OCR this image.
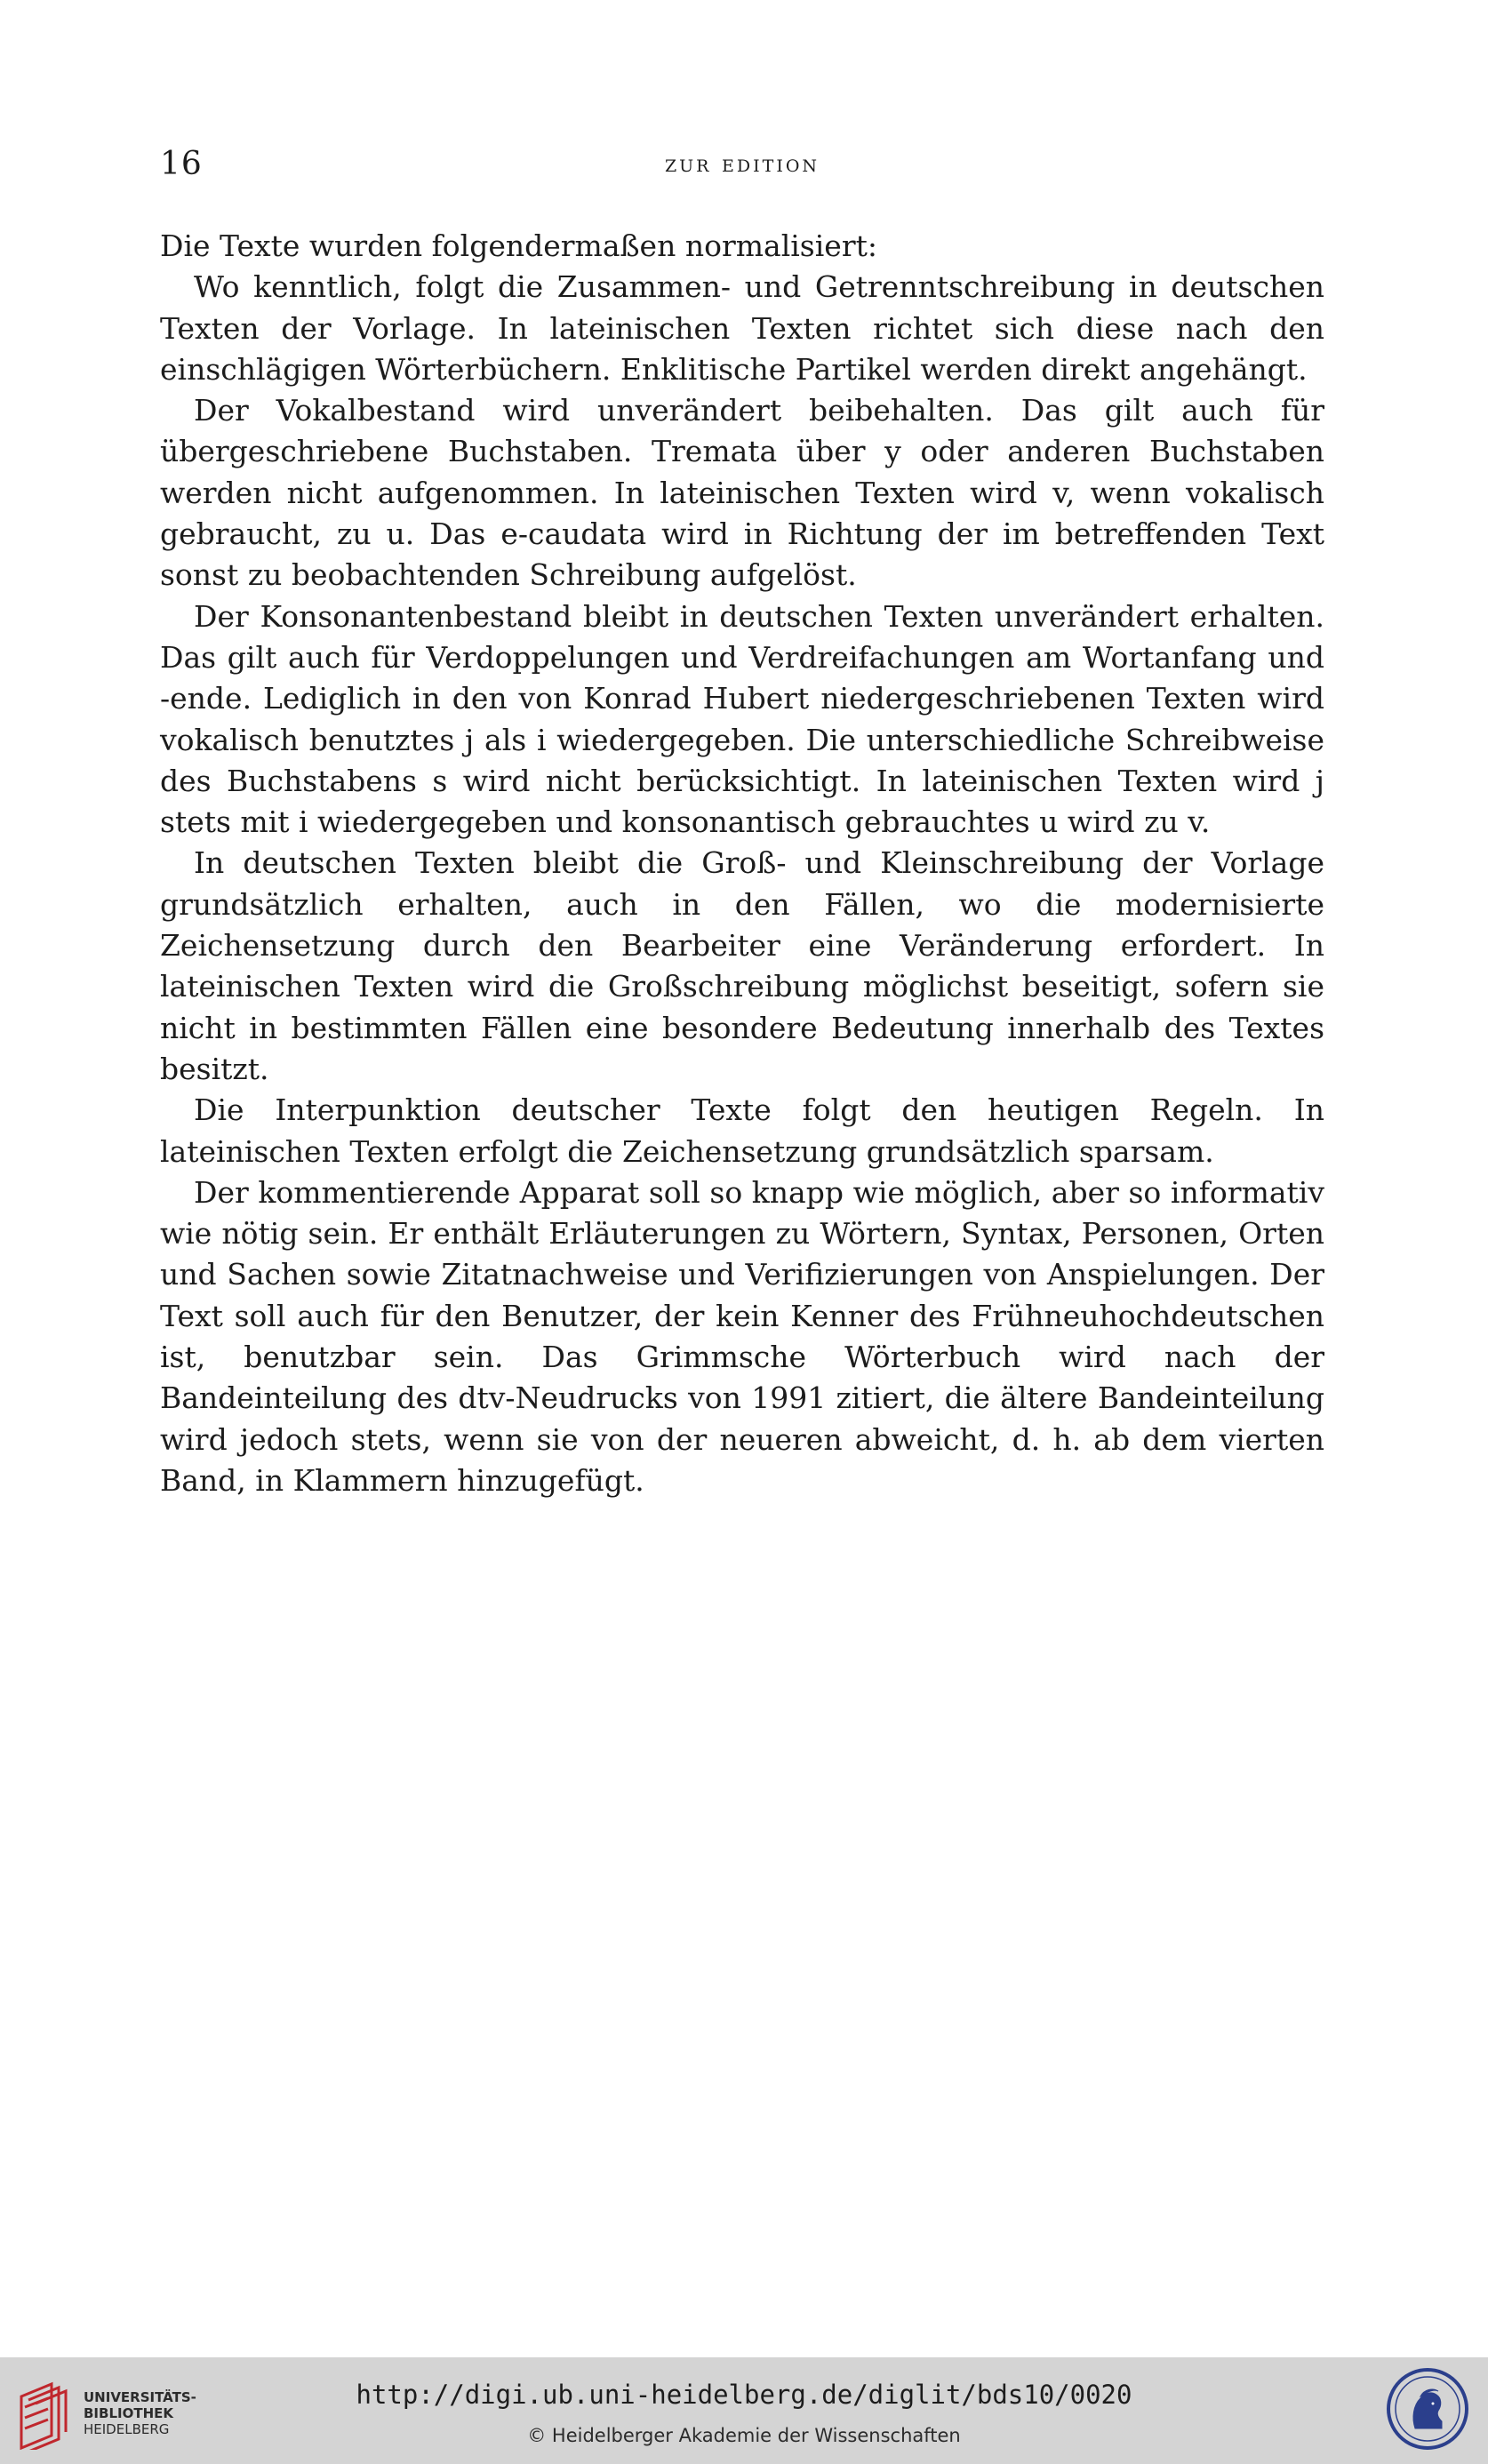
16	zur edition

Die Texte wurden folgendermaßen normalisiert:

Wo kenntlich, folgt die Zusammen- und Getrenntschreibung in deutschen Texten der Vorlage. In lateinischen Texten richtet sich diese nach den einschlägigen Wörterbüchern. Enklitische Partikel werden direkt angehängt.

Der Vokalbestand wird unverändert beibehalten. Das gilt auch für übergeschriebene Buchstaben. Tremata über y oder anderen Buchstaben werden nicht aufgenommen. In lateinischen Texten wird v, wenn vokalisch gebraucht, zu u. Das e-caudata wird in Richtung der im betreffenden Text sonst zu beobachtenden Schreibung aufgelöst.

Der Konsonantenbestand bleibt in deutschen Texten unverändert erhalten. Das gilt auch für Verdoppelungen und Verdreifachungen am Wortanfang und -ende. Lediglich in den von Konrad Hubert niedergeschriebenen Texten wird vokalisch benutztes j als i wiedergegeben. Die unterschiedliche Schreibweise des Buchstabens s wird nicht berücksichtigt. In lateinischen Texten wird j stets mit i wiedergegeben und konsonantisch gebrauchtes u wird zu v.

In deutschen Texten bleibt die Groß- und Kleinschreibung der Vorlage grundsätzlich erhalten, auch in den Fällen, wo die modernisierte Zeichensetzung durch den Bearbeiter eine Veränderung erfordert. In lateinischen Texten wird die Großschreibung möglichst beseitigt, sofern sie nicht in bestimmten Fällen eine besondere Bedeutung innerhalb des Textes besitzt.

Die Interpunktion deutscher Texte folgt den heutigen Regeln. In lateinischen Texten erfolgt die Zeichensetzung grundsätzlich sparsam.

Der kommentierende Apparat soll so knapp wie möglich, aber so informativ wie nötig sein. Er enthält Erläuterungen zu Wörtern, Syntax, Personen, Orten und Sachen sowie Zitatnachweise und Verifizierungen von Anspielungen. Der Text soll auch für den Benutzer, der kein Kenner des Frühneuhochdeutschen ist, benutzbar sein. Das Grimmsche Wörterbuch wird nach der Bandeinteilung des dtv-Neudrucks von 1991 zitiert, die ältere Bandeinteilung wird jedoch stets, wenn sie von der neueren abweicht, d. h. ab dem vierten Band, in Klammern hinzugefügt.

UNIVERSITÄTS-
BIBLIOTHEK
HEIDELBERG
http://digi.ub.uni-heidelberg.de/diglit/bds10/0020
© Heidelberger Akademie der Wissenschaften
